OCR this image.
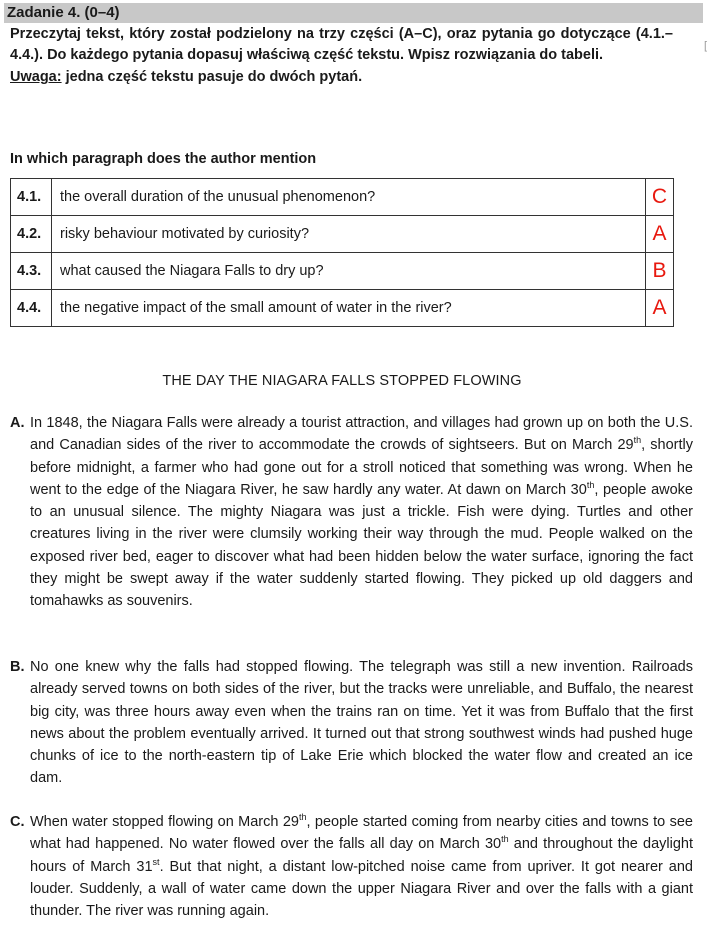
Zadanie 4. (0–4)
[
Przeczytaj tekst, który został podzielony na trzy części (A–C), oraz pytania go dotyczące (4.1.–4.4.). Do każdego pytania dopasuj właściwą część tekstu. Wpisz rozwiązania do tabeli.
Uwaga: jedna część tekstu pasuje do dwóch pytań.
In which paragraph does the author mention
4.1.	the overall duration of the unusual phenomenon?	C
4.2.	risky behaviour motivated by curiosity?	A
4.3.	what caused the Niagara Falls to dry up?	B
4.4.	the negative impact of the small amount of water in the river?	A
THE DAY THE NIAGARA FALLS STOPPED FLOWING
A. In 1848, the Niagara Falls were already a tourist attraction, and villages had grown up on both the U.S. and Canadian sides of the river to accommodate the crowds of sightseers. But on March 29th, shortly before midnight, a farmer who had gone out for a stroll noticed that something was wrong. When he went to the edge of the Niagara River, he saw hardly any water. At dawn on March 30th, people awoke to an unusual silence. The mighty Niagara was just a trickle. Fish were dying. Turtles and other creatures living in the river were clumsily working their way through the mud. People walked on the exposed river bed, eager to discover what had been hidden below the water surface, ignoring the fact they might be swept away if the water suddenly started flowing. They picked up old daggers and tomahawks as souvenirs.
B. No one knew why the falls had stopped flowing. The telegraph was still a new invention. Railroads already served towns on both sides of the river, but the tracks were unreliable, and Buffalo, the nearest big city, was three hours away even when the trains ran on time. Yet it was from Buffalo that the first news about the problem eventually arrived. It turned out that strong southwest winds had pushed huge chunks of ice to the north-eastern tip of Lake Erie which blocked the water flow and created an ice dam.
C. When water stopped flowing on March 29th, people started coming from nearby cities and towns to see what had happened. No water flowed over the falls all day on March 30th and throughout the daylight hours of March 31st. But that night, a distant low-pitched noise came from upriver. It got nearer and louder. Suddenly, a wall of water came down the upper Niagara River and over the falls with a giant thunder. The river was running again.
